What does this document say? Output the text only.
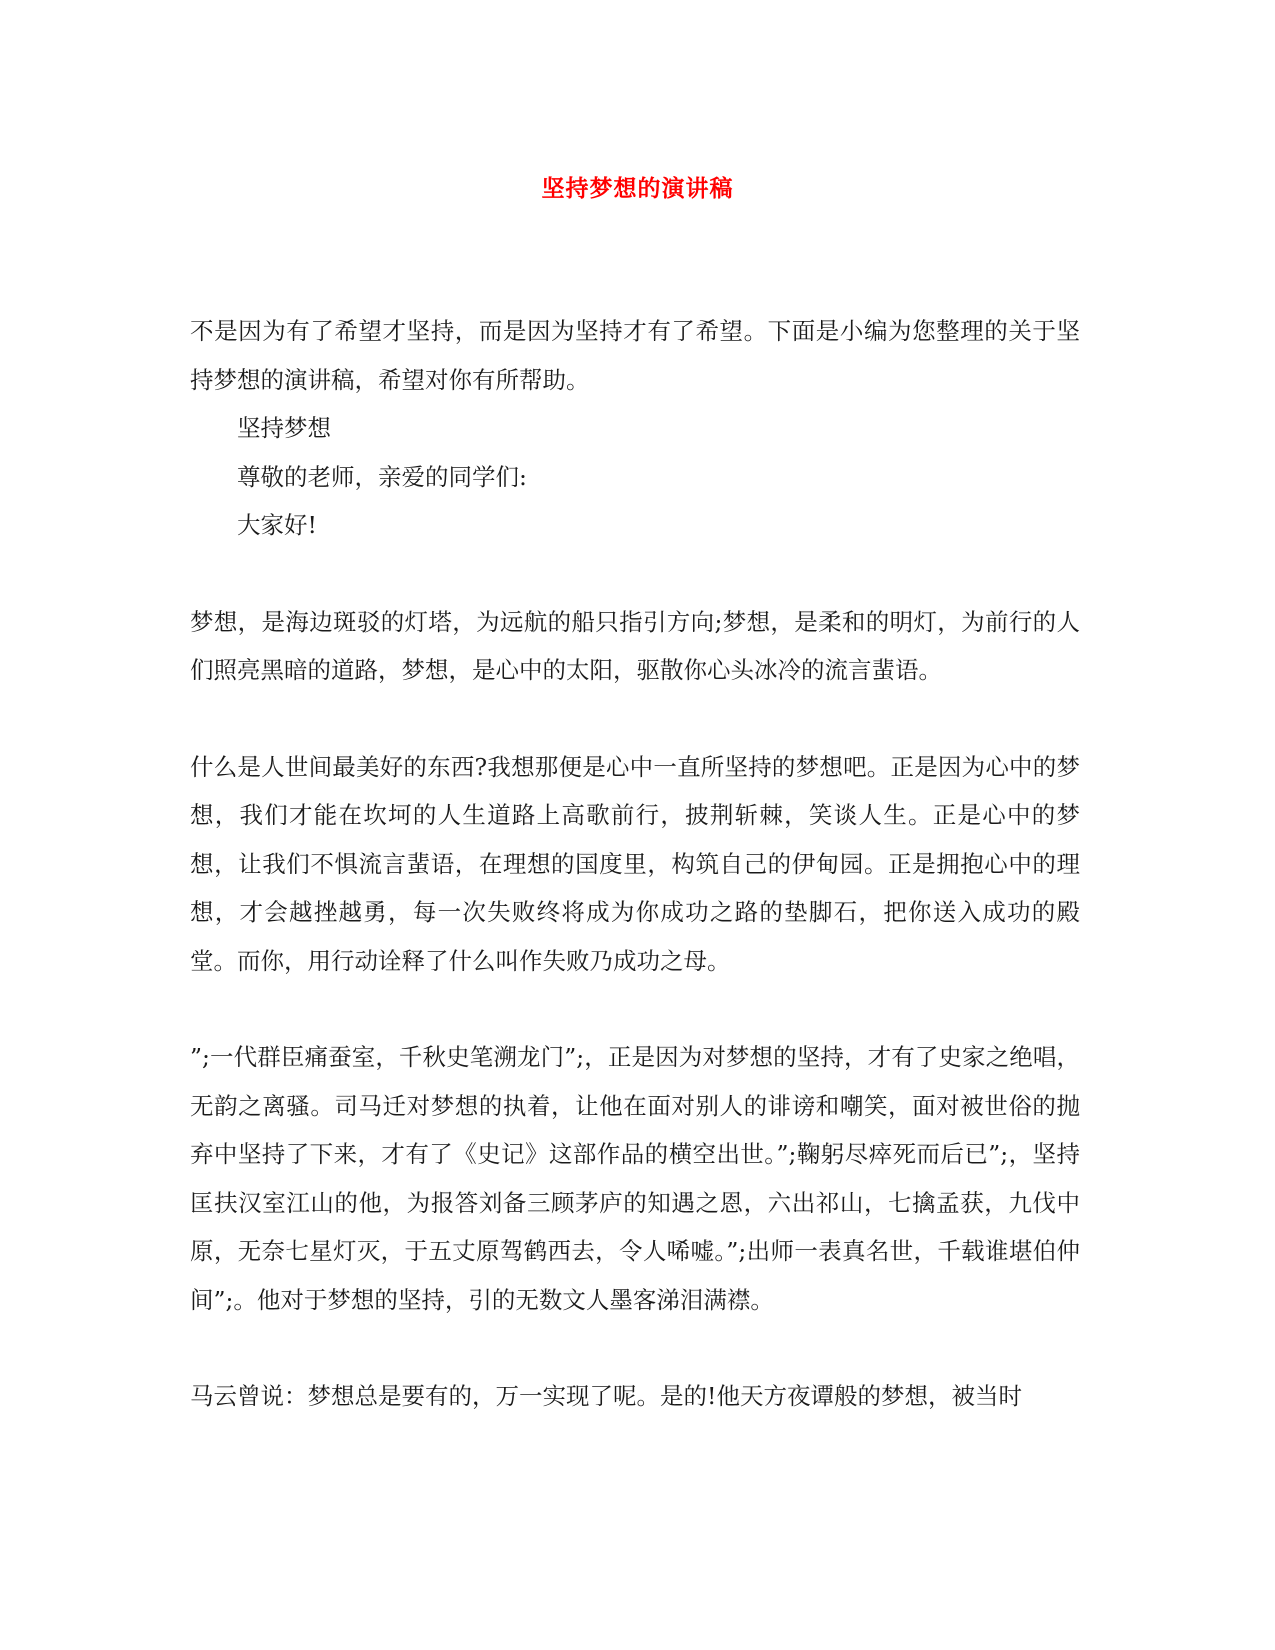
坚持梦想的演讲稿

不是因为有了希望才坚持，而是因为坚持才有了希望。下面是小编为您整理的关于坚持梦想的演讲稿，希望对你有所帮助。

坚持梦想

尊敬的老师，亲爱的同学们:

大家好!

梦想，是海边斑驳的灯塔，为远航的船只指引方向;梦想，是柔和的明灯，为前行的人们照亮黑暗的道路，梦想，是心中的太阳，驱散你心头冰冷的流言蜚语。

什么是人世间最美好的东西?我想那便是心中一直所坚持的梦想吧。正是因为心中的梦想，我们才能在坎坷的人生道路上高歌前行，披荆斩棘，笑谈人生。正是心中的梦想，让我们不惧流言蜚语，在理想的国度里，构筑自己的伊甸园。正是拥抱心中的理想，才会越挫越勇，每一次失败终将成为你成功之路的垫脚石，把你送入成功的殿堂。而你，用行动诠释了什么叫作失败乃成功之母。

”;一代群臣痛蚕室，千秋史笔溯龙门”;，正是因为对梦想的坚持，才有了史家之绝唱，无韵之离骚。司马迁对梦想的执着，让他在面对别人的诽谤和嘲笑，面对被世俗的抛弃中坚持了下来，才有了《史记》这部作品的横空出世。”;鞠躬尽瘁死而后已”;，坚持匡扶汉室江山的他，为报答刘备三顾茅庐的知遇之恩，六出祁山，七擒孟获，九伐中原，无奈七星灯灭，于五丈原驾鹤西去，令人唏嘘。”;出师一表真名世，千载谁堪伯仲间”;。他对于梦想的坚持，引的无数文人墨客涕泪满襟。

马云曾说：梦想总是要有的，万一实现了呢。是的!他天方夜谭般的梦想，被当时
